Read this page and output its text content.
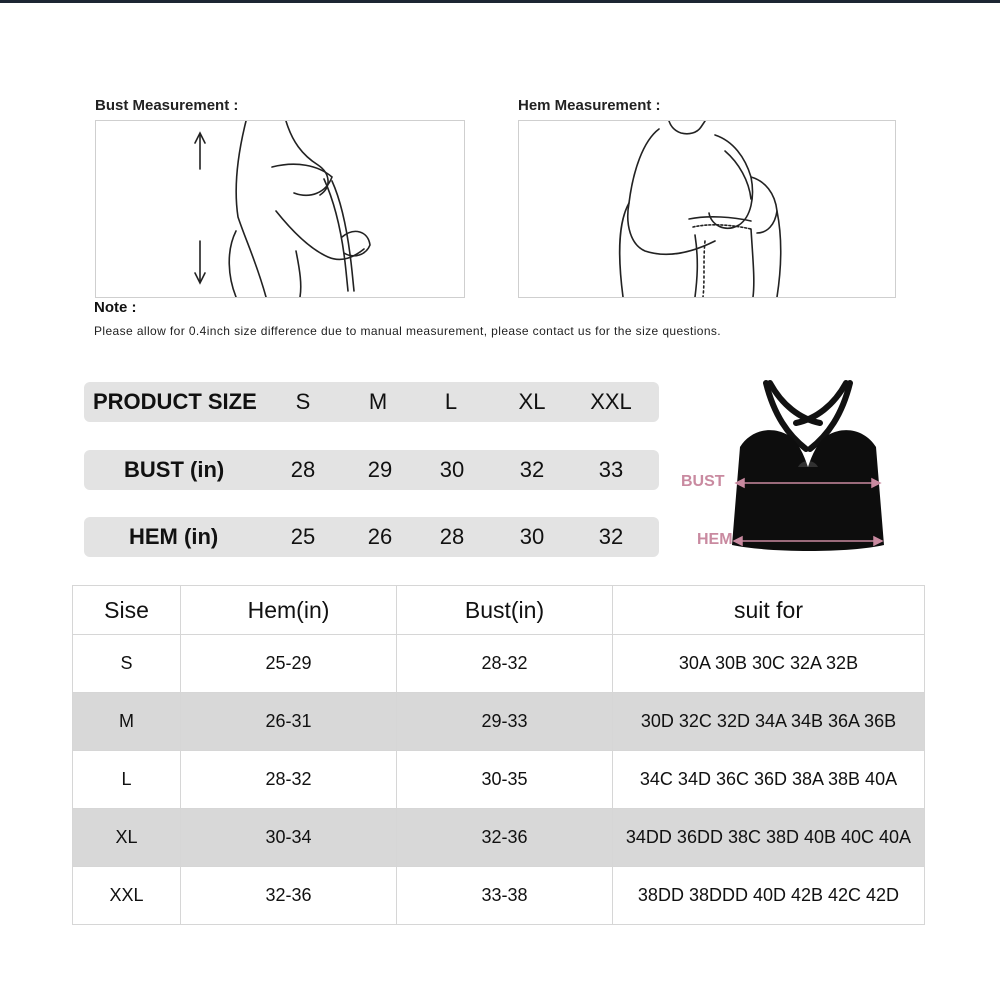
Bust Measurement :	Hem Measurement :
Note :
Please allow for 0.4inch size difference due to manual measurement, please contact us for the size questions.
PRODUCT SIZE	S	M	L	XL	XXL
BUST (in)	28	29	30	32	33
HEM (in)	25	26	28	30	32
BUST
HEM
Sise	Hem(in)	Bust(in)	suit for
S	25-29	28-32	30A 30B 30C 32A 32B
M	26-31	29-33	30D 32C 32D 34A 34B 36A 36B
L	28-32	30-35	34C 34D 36C 36D 38A 38B 40A
XL	30-34	32-36	34DD 36DD 38C 38D 40B 40C 40A
XXL	32-36	33-38	38DD 38DDD 40D 42B 42C 42D
